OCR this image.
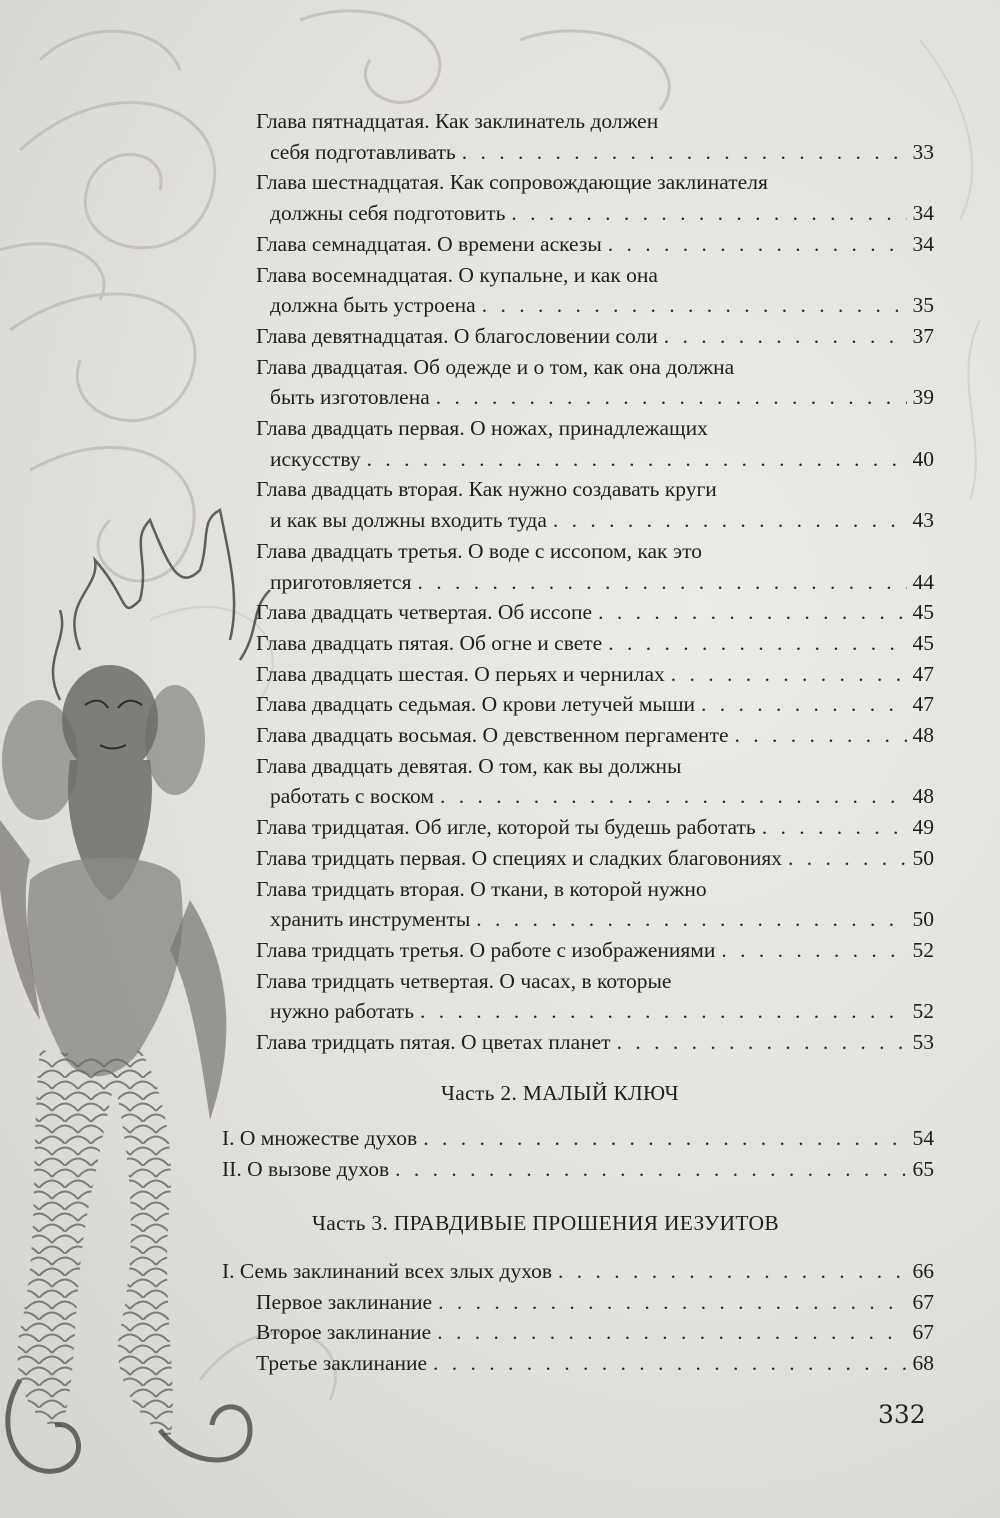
Глава пятнадцатая. Как заклинатель должен
себя подготавливать . . .	33
Глава шестнадцатая. Как сопровождающие заклинателя
должны себя подготовить . . .	34
Глава семнадцатая. О времени аскезы . . .	34
Глава восемнадцатая. О купальне, и как она
должна быть устроена . . .	35
Глава девятнадцатая. О благословении соли . . .	37
Глава двадцатая. Об одежде и о том, как она должна
быть изготовлена . . .	39
Глава двадцать первая. О ножах, принадлежащих
искусству . . .	40
Глава двадцать вторая. Как нужно создавать круги
и как вы должны входить туда . . .	43
Глава двадцать третья. О воде с иссопом, как это
приготовляется . . .	44
Глава двадцать четвертая. Об иссопе . . .	45
Глава двадцать пятая. Об огне и свете . . .	45
Глава двадцать шестая. О перьях и чернилах . . .	47
Глава двадцать седьмая. О крови летучей мыши . . .	47
Глава двадцать восьмая. О девственном пергаменте . . .	48
Глава двадцать девятая. О том, как вы должны
работать с воском . . .	48
Глава тридцатая. Об игле, которой ты будешь работать . . .	49
Глава тридцать первая. О специях и сладких благовониях . . .	50
Глава тридцать вторая. О ткани, в которой нужно
хранить инструменты . . .	50
Глава тридцать третья. О работе с изображениями . . .	52
Глава тридцать четвертая. О часах, в которые
нужно работать . . .	52
Глава тридцать пятая. О цветах планет . . .	53
I. О множестве духов . . .	54
II. О вызове духов . . .	65
I. Семь заклинаний всех злых духов . . .	66
Первое заклинание . . .	67
Второе заклинание . . .	67
Третье заклинание . . .	68
Часть 2. МАЛЫЙ КЛЮЧ
Часть 3. ПРАВДИВЫЕ ПРОШЕНИЯ ИЕЗУИТОВ
332
